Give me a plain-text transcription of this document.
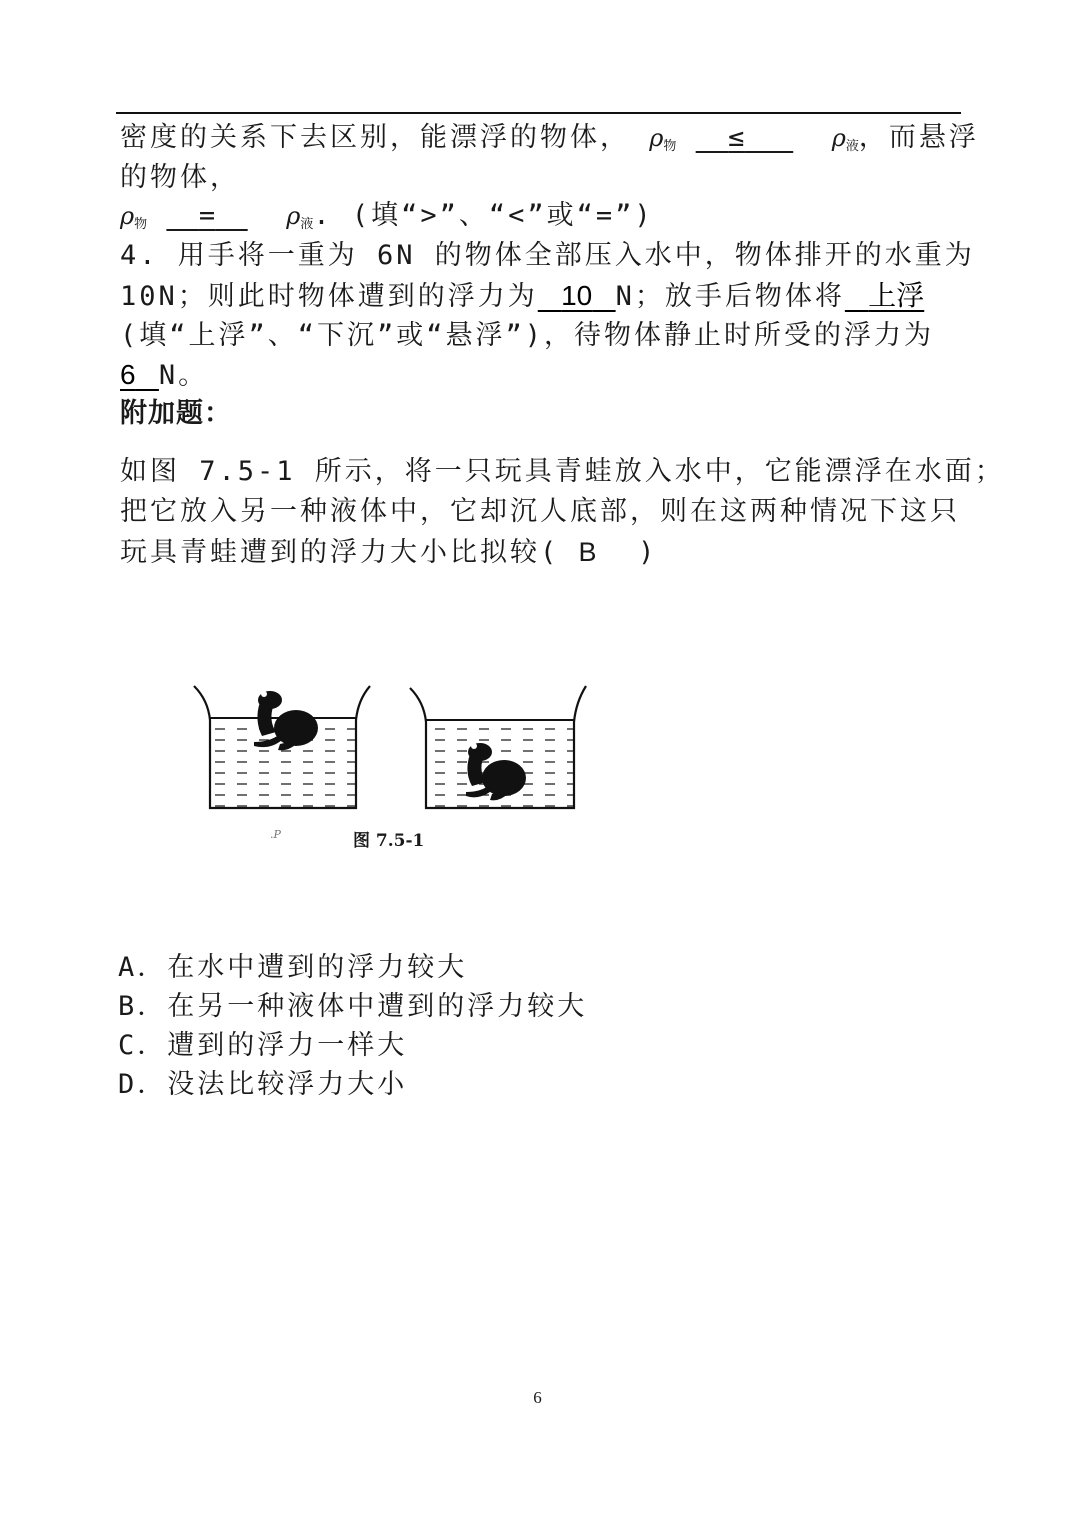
密度的关系下去区别，能漂浮的物体， $\rho_物$ ≤	$\rho_液$，而悬浮
的物体，
$\rho_物$ =	$\rho_液$. (填“>”、“<”或“=”)
4. 用手将一重为 6N 的物体全部压入水中，物体排开的水重为
10N；则此时物体遭到的浮力为 10 N；放手后物体将 上浮
(填“上浮”、“下沉”或“悬浮”)，待物体静止时所受的浮力为
6 N。
附加题：
如图 7.5-1 所示，将一只玩具青蛙放入水中，它能漂浮在水面；
把它放入另一种液体中，它却沉人底部，则在这两种情况下这只
玩具青蛙遭到的浮力大小比拟较( B )
.P	图 7.5-1
A．在水中遭到的浮力较大
B．在另一种液体中遭到的浮力较大
C．遭到的浮力一样大
D．没法比较浮力大小
6
